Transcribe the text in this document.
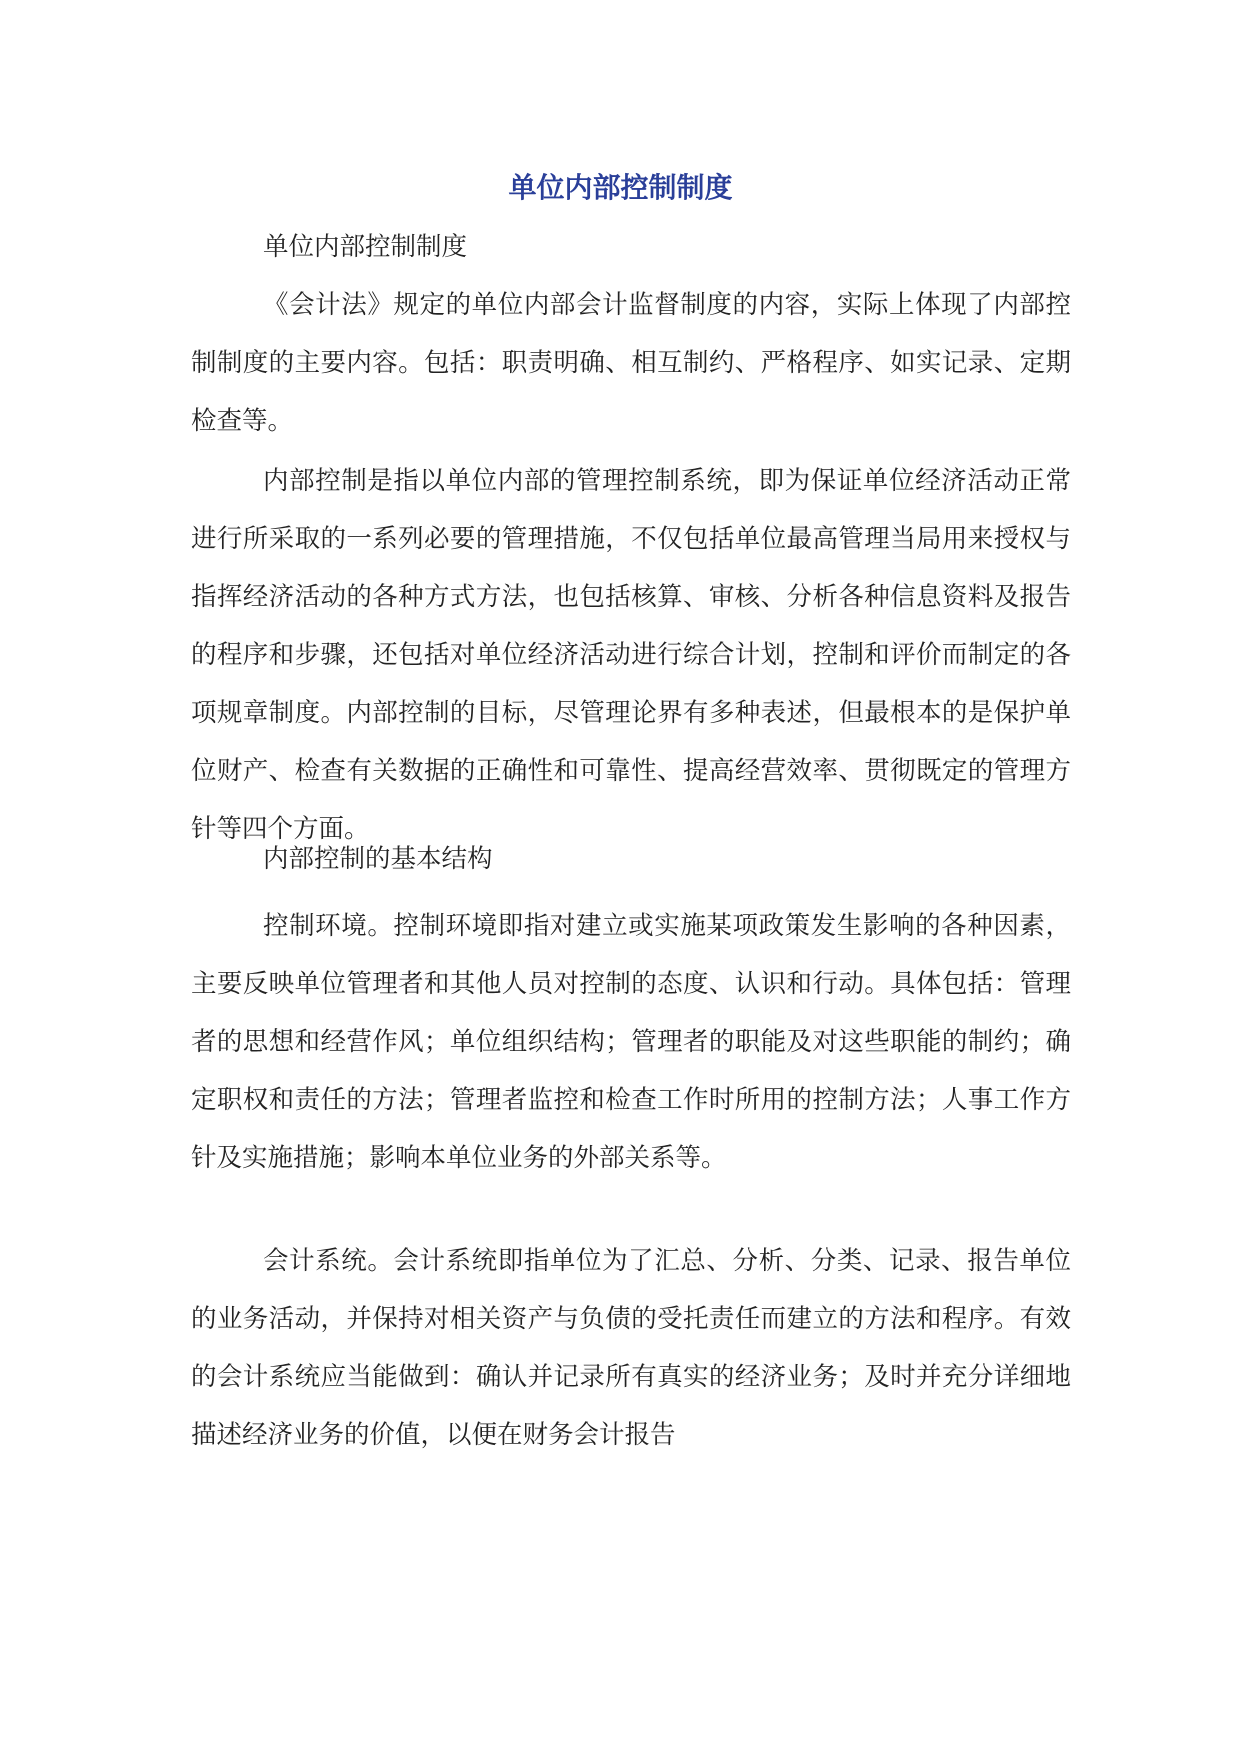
单位内部控制制度

单位内部控制制度

《会计法》规定的单位内部会计监督制度的内容，实际上体现了内部控制制度的主要内容。包括：职责明确、相互制约、严格程序、如实记录、定期检查等。

内部控制是指以单位内部的管理控制系统，即为保证单位经济活动正常进行所采取的一系列必要的管理措施，不仅包括单位最高管理当局用来授权与指挥经济活动的各种方式方法，也包括核算、审核、分析各种信息资料及报告的程序和步骤，还包括对单位经济活动进行综合计划，控制和评价而制定的各项规章制度。内部控制的目标，尽管理论界有多种表述，但最根本的是保护单位财产、检查有关数据的正确性和可靠性、提高经营效率、贯彻既定的管理方针等四个方面。

内部控制的基本结构

控制环境。控制环境即指对建立或实施某项政策发生影响的各种因素，主要反映单位管理者和其他人员对控制的态度、认识和行动。具体包括：管理者的思想和经营作风；单位组织结构；管理者的职能及对这些职能的制约；确定职权和责任的方法；管理者监控和检查工作时所用的控制方法；人事工作方针及实施措施；影响本单位业务的外部关系等。

会计系统。会计系统即指单位为了汇总、分析、分类、记录、报告单位的业务活动，并保持对相关资产与负债的受托责任而建立的方法和程序。有效的会计系统应当能做到：确认并记录所有真实的经济业务；及时并充分详细地描述经济业务的价值，以便在财务会计报告
